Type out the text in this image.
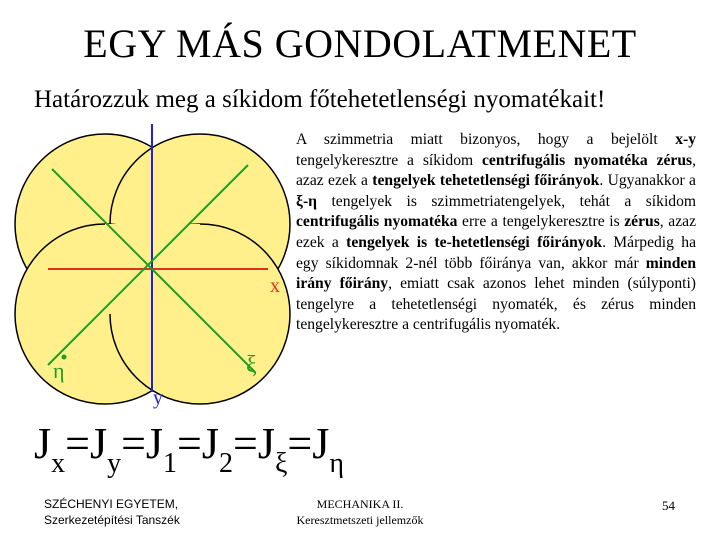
EGY MÁS GONDOLATMENET
Határozzuk meg a síkidom főtehetetlenségi nyomatékait!
x
y
ξ
η
A szimmetria miatt bizonyos, hogy a bejelölt x-y tengelykeresztre a síkidom centrifugális nyomatéka zérus, azaz ezek a tengelyek tehetetlenségi főirányok. Ugyanakkor a ξ-η tengelyek is szimmetriatengelyek, tehát a síkidom centrifugális nyomatéka erre a tengelykeresztre is zérus, azaz ezek a tengelyek is te-hetetlenségi főirányok. Márpedig ha egy síkidomnak 2-nél több főiránya van, akkor már minden irány főirány, emiatt csak azonos lehet minden (súlyponti) tengelyre a tehetetlenségi nyomaték, és zérus minden tengelykeresztre a centrifugális nyomaték.
$J_x=J_y=J_1=J_2=J_\xi=J_\eta$
SZÉCHENYI EGYETEM,
Szerkezetépítési Tanszék
MECHANIKA II.
Keresztmetszeti jellemzők
54
